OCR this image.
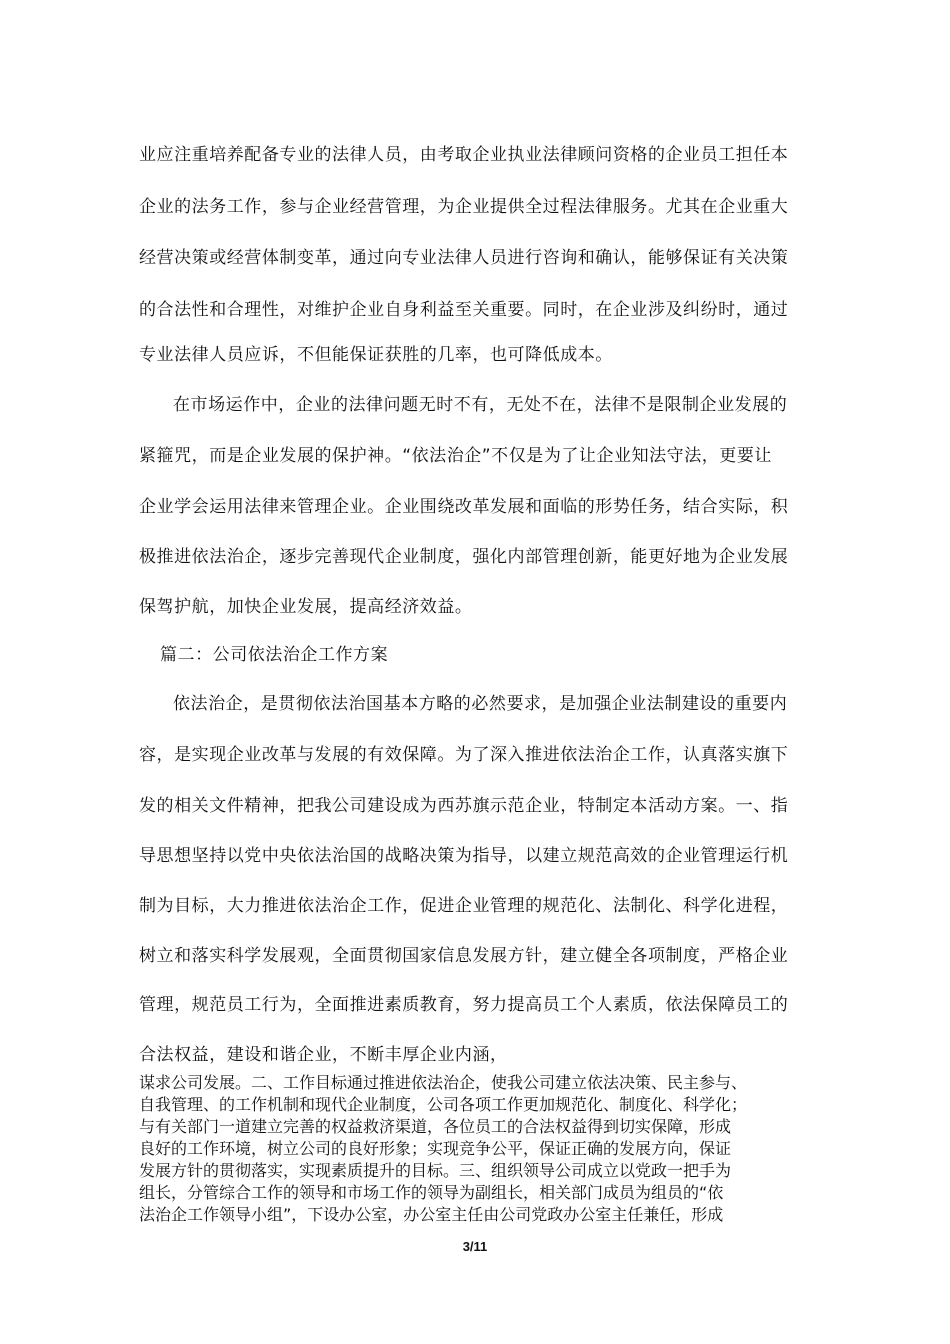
业应注重培养配备专业的法律人员，由考取企业执业法律顾问资格的企业员工担任本
企业的法务工作，参与企业经营管理，为企业提供全过程法律服务。尤其在企业重大
经营决策或经营体制变革，通过向专业法律人员进行咨询和确认，能够保证有关决策
的合法性和合理性，对维护企业自身利益至关重要。同时，在企业涉及纠纷时，通过
专业法律人员应诉，不但能保证获胜的几率，也可降低成本。
在市场运作中，企业的法律问题无时不有，无处不在，法律不是限制企业发展的
紧箍咒，而是企业发展的保护神。“依法治企”不仅是为了让企业知法守法，更要让
企业学会运用法律来管理企业。企业围绕改革发展和面临的形势任务，结合实际，积
极推进依法治企，逐步完善现代企业制度，强化内部管理创新，能更好地为企业发展
保驾护航，加快企业发展，提高经济效益。
篇二：公司依法治企工作方案
依法治企，是贯彻依法治国基本方略的必然要求，是加强企业法制建设的重要内
容，是实现企业改革与发展的有效保障。为了深入推进依法治企工作，认真落实旗下
发的相关文件精神，把我公司建设成为西苏旗示范企业，特制定本活动方案。一、指
导思想坚持以党中央依法治国的战略决策为指导，以建立规范高效的企业管理运行机
制为目标，大力推进依法治企工作，促进企业管理的规范化、法制化、科学化进程，
树立和落实科学发展观，全面贯彻国家信息发展方针，建立健全各项制度，严格企业
管理，规范员工行为，全面推进素质教育，努力提高员工个人素质，依法保障员工的
合法权益，建设和谐企业，不断丰厚企业内涵，
谋求公司发展。二、工作目标通过推进依法治企，使我公司建立依法决策、民主参与、
自我管理、的工作机制和现代企业制度，公司各项工作更加规范化、制度化、科学化；
与有关部门一道建立完善的权益救济渠道，各位员工的合法权益得到切实保障，形成
良好的工作环境，树立公司的良好形象；实现竞争公平，保证正确的发展方向，保证
发展方针的贯彻落实，实现素质提升的目标。三、组织领导公司成立以党政一把手为
组长，分管综合工作的领导和市场工作的领导为副组长，相关部门成员为组员的“依
法治企工作领导小组”，下设办公室，办公室主任由公司党政办公室主任兼任，形成
3/11
